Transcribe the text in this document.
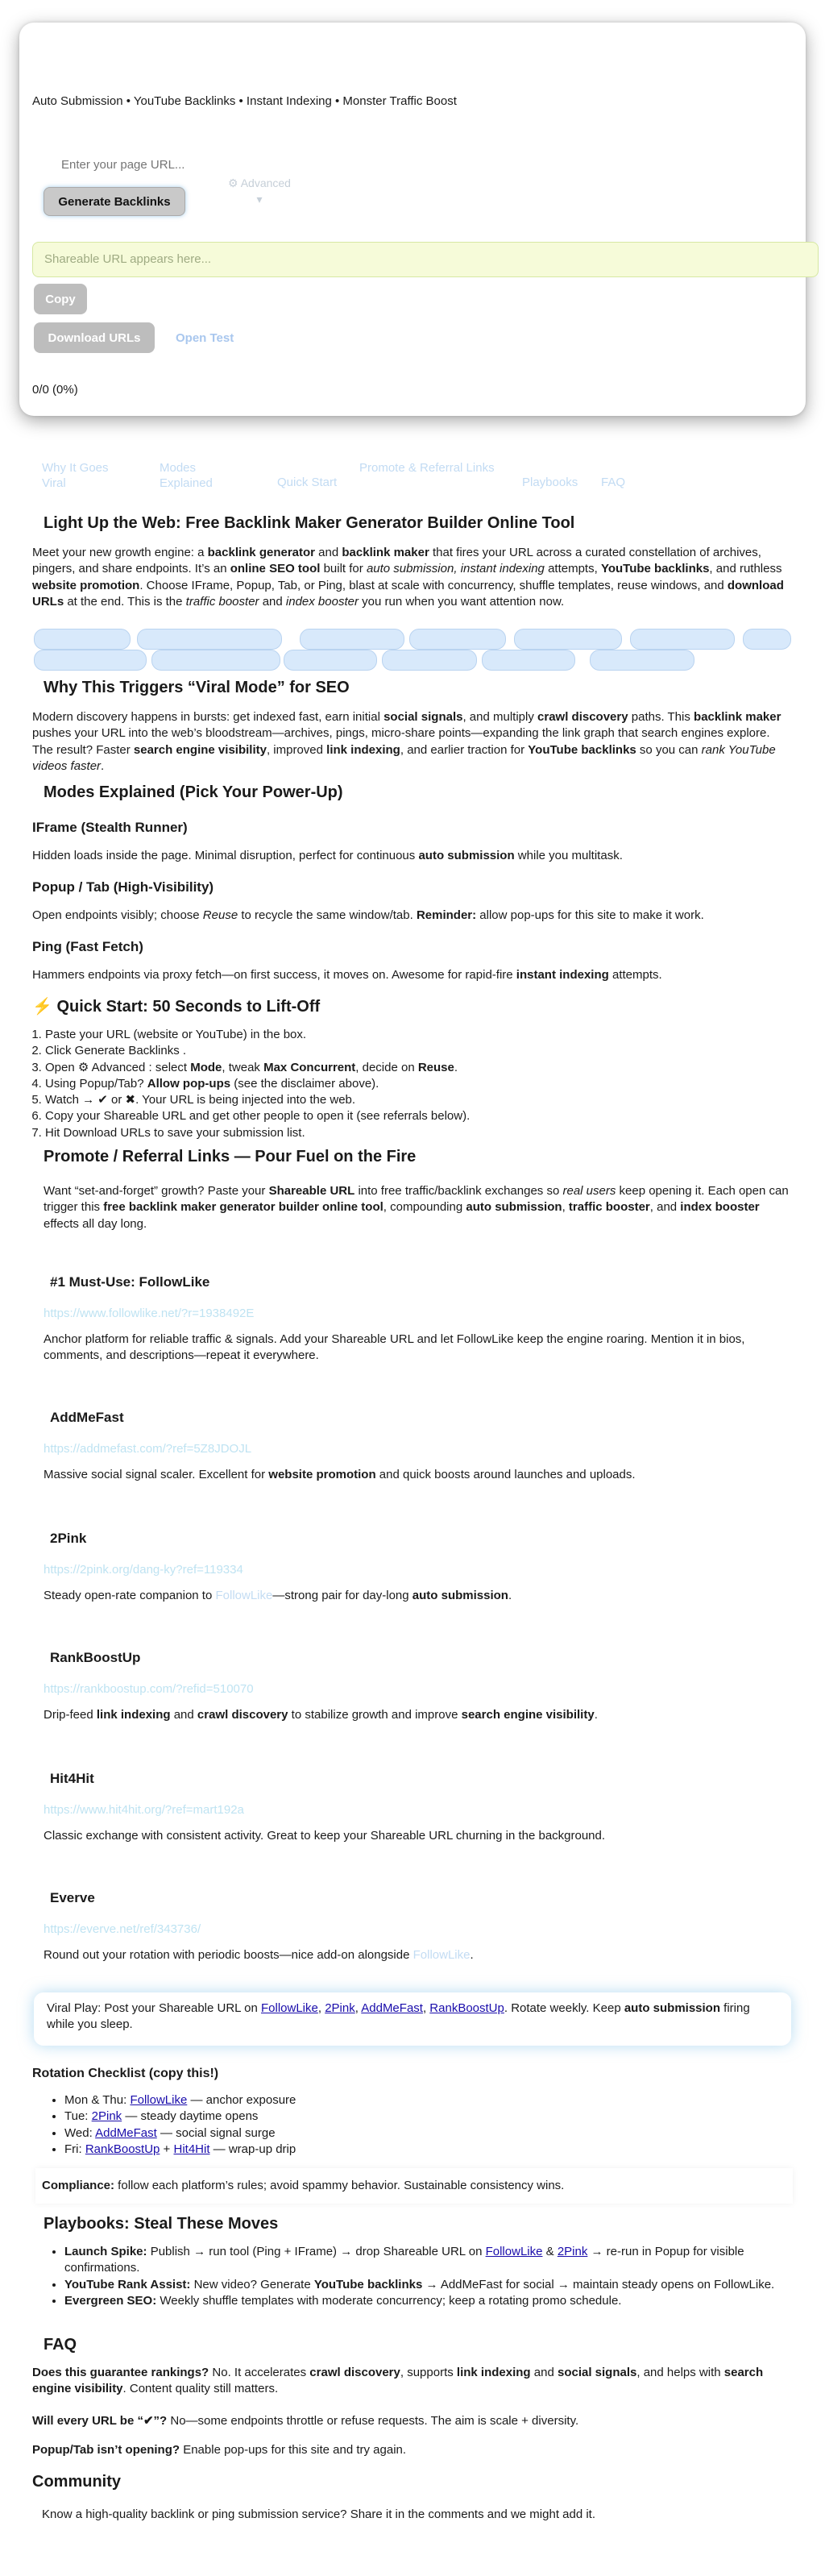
Auto Submission • YouTube Backlinks • Instant Indexing • Monster Traffic Boost
Enter your page URL...
Generate Backlinks
⚙ Advanced
▾
Shareable URL appears here...
Copy
Download URLs	Open Test
0/0 (0%)
Why It Goes Viral
Modes Explained	Quick Start
Promote & Referral Links
Playbooks FAQ
Light Up the Web: Free Backlink Maker Generator Builder Online Tool

Meet your new growth engine: a backlink generator and backlink maker that fires your URL across a curated constellation of archives, pingers, and share endpoints. It’s an online SEO tool built for auto submission, instant indexing attempts, YouTube backlinks, and ruthless website promotion. Choose IFrame, Popup, Tab, or Ping, blast at scale with concurrency, shuffle templates, reuse windows, and download URLs at the end. This is the traffic booster and index booster you run when you want attention now.

Why This Triggers “Viral Mode” for SEO

Modern discovery happens in bursts: get indexed fast, earn initial social signals, and multiply crawl discovery paths. This backlink maker pushes your URL into the web’s bloodstream—archives, pings, micro-share points—expanding the link graph that search engines explore. The result? Faster search engine visibility, improved link indexing, and earlier traction for YouTube backlinks so you can rank YouTube videos faster.

Modes Explained (Pick Your Power-Up)
IFrame (Stealth Runner)

Hidden loads inside the page. Minimal disruption, perfect for continuous auto submission while you multitask.

Popup / Tab (High-Visibility)

Open endpoints visibly; choose Reuse to recycle the same window/tab. Reminder: allow pop-ups for this site to make it work.

Ping (Fast Fetch)

Hammers endpoints via proxy fetch—on first success, it moves on. Awesome for rapid-fire instant indexing attempts.

⚡ Quick Start: 50 Seconds to Lift-Off
1. Paste your URL (website or YouTube) in the box.
2. Click Generate Backlinks .
3. Open ⚙ Advanced : select Mode, tweak Max Concurrent, decide on Reuse.
4. Using Popup/Tab? Allow pop-ups (see the disclaimer above).
5. Watch → ✔ or ✖. Your URL is being injected into the web.
6. Copy your Shareable URL and get other people to open it (see referrals below).
7. Hit Download URLs to save your submission list.
Promote / Referral Links — Pour Fuel on the Fire

Want “set-and-forget” growth? Paste your Shareable URL into free traffic/backlink exchanges so real users keep opening it. Each open can trigger this free backlink maker generator builder online tool, compounding auto submission, traffic booster, and index booster effects all day long.

#1 Must-Use: FollowLike
https://www.followlike.net/?r=1938492E

Anchor platform for reliable traffic & signals. Add your Shareable URL and let FollowLike keep the engine roaring. Mention it in bios, comments, and descriptions—repeat it everywhere.

AddMeFast
https://addmefast.com/?ref=5Z8JDOJL

Massive social signal scaler. Excellent for website promotion and quick boosts around launches and uploads.

2Pink
https://2pink.org/dang-ky?ref=119334

Steady open-rate companion to FollowLike—strong pair for day-long auto submission.

RankBoostUp
https://rankboostup.com/?refid=510070

Drip-feed link indexing and crawl discovery to stabilize growth and improve search engine visibility.

Hit4Hit
https://www.hit4hit.org/?ref=mart192a

Classic exchange with consistent activity. Great to keep your Shareable URL churning in the background.

Everve
https://everve.net/ref/343736/

Round out your rotation with periodic boosts—nice add-on alongside FollowLike.

Viral Play: Post your Shareable URL on FollowLike, 2Pink, AddMeFast, RankBoostUp. Rotate weekly. Keep auto submission firing while you sleep.
Rotation Checklist (copy this!)
• Mon & Thu: FollowLike — anchor exposure
• Tue: 2Pink — steady daytime opens
• Wed: AddMeFast — social signal surge
• Fri: RankBoostUp + Hit4Hit — wrap-up drip
Compliance: follow each platform’s rules; avoid spammy behavior. Sustainable consistency wins.
Playbooks: Steal These Moves
• Launch Spike: Publish → run tool (Ping + IFrame) → drop Shareable URL on FollowLike & 2Pink → re-run in Popup for visible confirmations.
• YouTube Rank Assist: New video? Generate YouTube backlinks → AddMeFast for social → maintain steady opens on FollowLike.
• Evergreen SEO: Weekly shuffle templates with moderate concurrency; keep a rotating promo schedule.
FAQ

Does this guarantee rankings? No. It accelerates crawl discovery, supports link indexing and social signals, and helps with search engine visibility. Content quality still matters.

Will every URL be “✔”? No—some endpoints throttle or refuse requests. The aim is scale + diversity.

Popup/Tab isn’t opening? Enable pop-ups for this site and try again.

Community

Know a high-quality backlink or ping submission service? Share it in the comments and we might add it.
